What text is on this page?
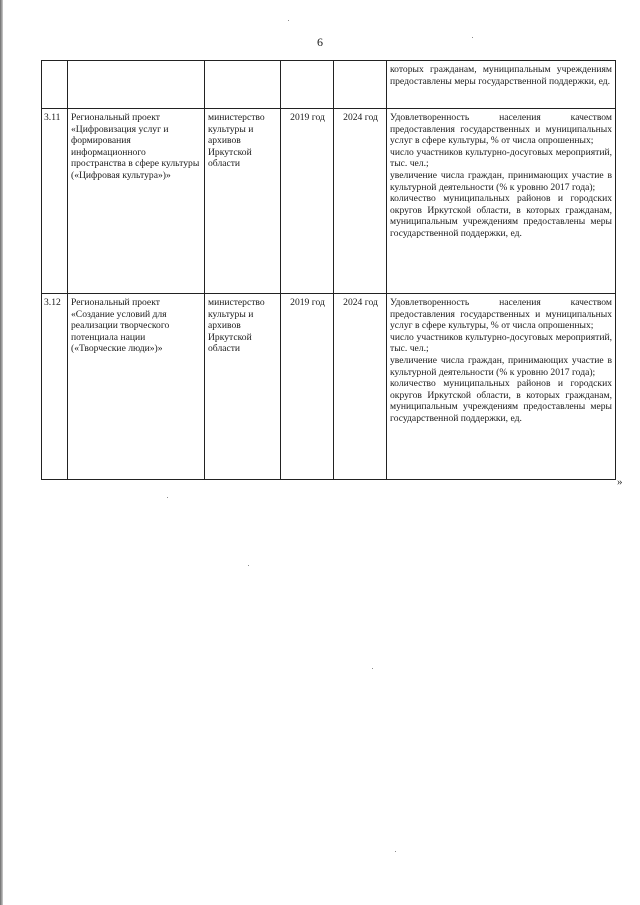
6
					которых гражданам, муниципальным учреждениям предоставлены меры государственной поддержки, ед.
3.11	Региональный проект «Цифровизация услуг и формирования информационного пространства в сфере культуры («Цифровая культура»)»	министерство культуры и архивов Иркутской области	2019 год	2024 год	Удовлетворенность населения качеством предоставления государственных и муниципальных услуг в сфере культуры, % от числа опрошенных;
число участников культурно-досуговых мероприятий, тыс. чел.;
увеличение числа граждан, принимающих участие в культурной деятельности (% к уровню 2017 года);
количество муниципальных районов и городских округов Иркутской области, в которых гражданам, муниципальным учреждениям предоставлены меры государственной поддержки, ед.

3.12	Региональный проект «Создание условий для реализации творческого потенциала нации («Творческие люди»)»	министерство культуры и архивов Иркутской области	2019 год	2024 год	Удовлетворенность населения качеством предоставления государственных и муниципальных услуг в сфере культуры, % от числа опрошенных;
число участников культурно-досуговых мероприятий, тыс. чел.;
увеличение числа граждан, принимающих участие в культурной деятельности (% к уровню 2017 года);
количество муниципальных районов и городских округов Иркутской области, в которых гражданам, муниципальным учреждениям предоставлены меры государственной поддержки, ед.
»
